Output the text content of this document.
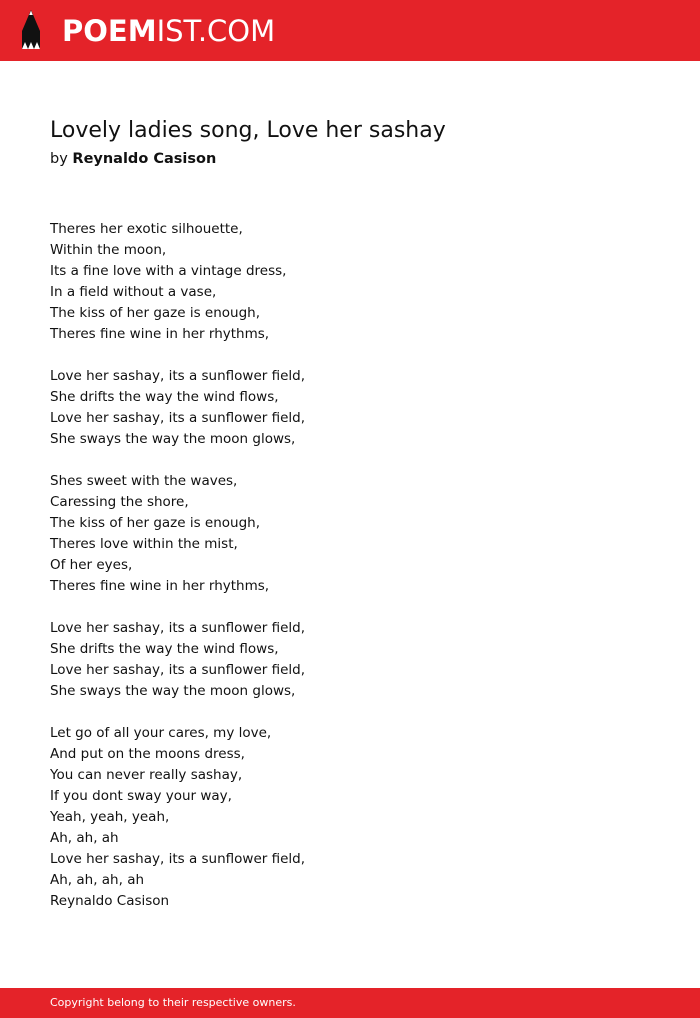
POEMIST.COM
Lovely ladies song, Love her sashay
by Reynaldo Casison
Theres her exotic silhouette,
Within the moon,
Its a fine love with a vintage dress,
In a field without a vase,
The kiss of her gaze is enough,
Theres fine wine in her rhythms,
Love her sashay, its a sunflower field,
She drifts the way the wind flows,
Love her sashay, its a sunflower field,
She sways the way the moon glows,
Shes sweet with the waves,
Caressing the shore,
The kiss of her gaze is enough,
Theres love within the mist,
Of her eyes,
Theres fine wine in her rhythms,
Love her sashay, its a sunflower field,
She drifts the way the wind flows,
Love her sashay, its a sunflower field,
She sways the way the moon glows,
Let go of all your cares, my love,
And put on the moons dress,
You can never really sashay,
If you dont sway your way,
Yeah, yeah, yeah,
Ah, ah, ah
Love her sashay, its a sunflower field,
Ah, ah, ah, ah
Reynaldo Casison
Copyright belong to their respective owners.
